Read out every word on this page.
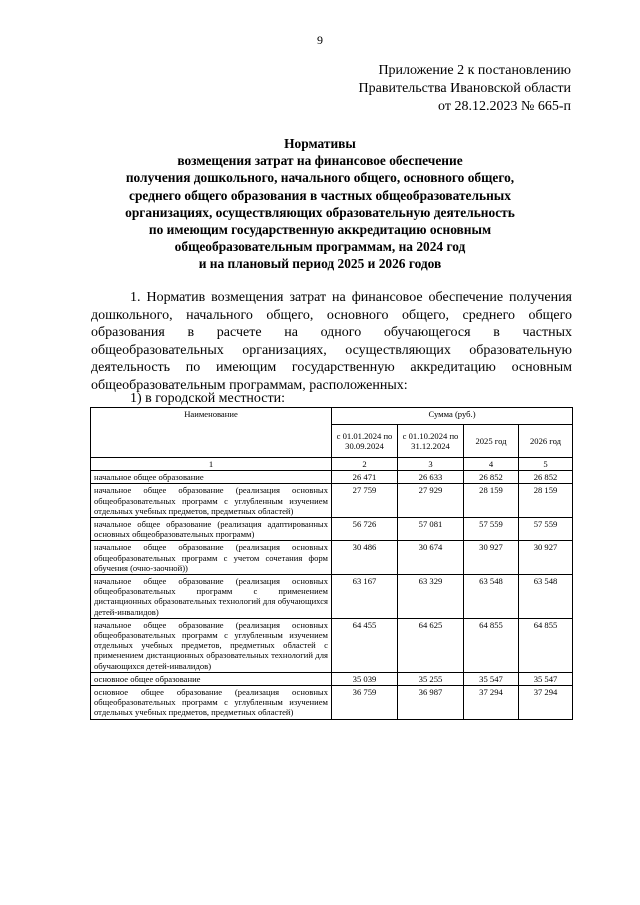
9
Приложение 2 к постановлению
Правительства Ивановской области
от 28.12.2023 № 665-п
Нормативы
возмещения затрат на финансовое обеспечение
получения дошкольного, начального общего, основного общего,
среднего общего образования в частных общеобразовательных
организациях, осуществляющих образовательную деятельность
по имеющим государственную аккредитацию основным
общеобразовательным программам, на 2024 год
и на плановый период 2025 и 2026 годов
1. Норматив возмещения затрат на финансовое обеспечение получения дошкольного, начального общего, основного общего, среднего общего образования в расчете на одного обучающегося в частных общеобразовательных организациях, осуществляющих образовательную деятельность по имеющим государственную аккредитацию основным общеобразовательным программам, расположенных:
1) в городской местности:
Наименование	Сумма (руб.)			
	с 01.01.2024 по 30.09.2024	с 01.10.2024 по 31.12.2024	2025 год	2026 год
1	2	3	4	5
начальное общее образование	26 471	26 633	26 852	26 852
начальное общее образование (реализация основных общеобразовательных программ с углубленным изучением отдельных учебных предметов, предметных областей)	27 759	27 929	28 159	28 159
начальное общее образование (реализация адаптированных основных общеобразовательных программ)	56 726	57 081	57 559	57 559
начальное общее образование (реализация основных общеобразовательных программ с учетом сочетания форм обучения (очно-заочной))	30 486	30 674	30 927	30 927
начальное общее образование (реализация основных общеобразовательных программ с применением дистанционных образовательных технологий для обучающихся детей-инвалидов)	63 167	63 329	63 548	63 548
начальное общее образование (реализация основных общеобразовательных программ с углубленным изучением отдельных учебных предметов, предметных областей с применением дистанционных образовательных технологий для обучающихся детей-инвалидов)	64 455	64 625	64 855	64 855
основное общее образование	35 039	35 255	35 547	35 547
основное общее образование (реализация основных общеобразовательных программ с углубленным изучением отдельных учебных предметов, предметных областей)	36 759	36 987	37 294	37 294
